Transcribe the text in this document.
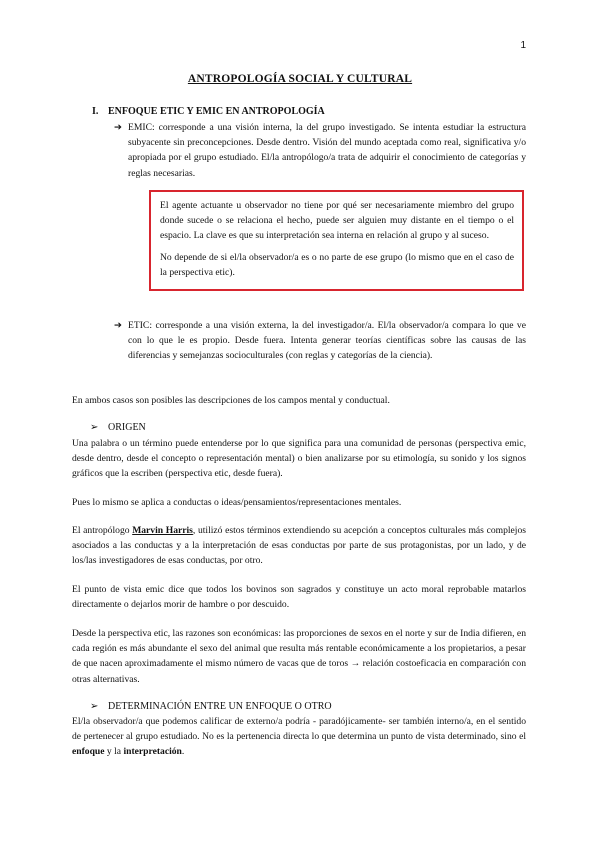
1
ANTROPOLOGÍA SOCIAL Y CULTURAL
I. ENFOQUE ETIC Y EMIC EN ANTROPOLOGÍA
➔ EMIC: corresponde a una visión interna, la del grupo investigado. Se intenta estudiar la estructura subyacente sin preconcepciones. Desde dentro. Visión del mundo aceptada como real, significativa y/o apropiada por el grupo estudiado. El/la antropólogo/a trata de adquirir el conocimiento de categorías y reglas necesarias.

El agente actuante u observador no tiene por qué ser necesariamente miembro del grupo donde sucede o se relaciona el hecho, puede ser alguien muy distante en el tiempo o el espacio. La clave es que su interpretación sea interna en relación al grupo y al suceso.

No depende de si el/la observador/a es o no parte de ese grupo (lo mismo que en el caso de la perspectiva etic).

➔ ETIC: corresponde a una visión externa, la del investigador/a. El/la observador/a compara lo que ve con lo que le es propio. Desde fuera. Intenta generar teorías científicas sobre las causas de las diferencias y semejanzas socioculturales (con reglas y categorías de la ciencia).
En ambos casos son posibles las descripciones de los campos mental y conductual.
➢ ORIGEN
Una palabra o un término puede entenderse por lo que significa para una comunidad de personas (perspectiva emic, desde dentro, desde el concepto o representación mental) o bien analizarse por su etimología, su sonido y los signos gráficos que la escriben (perspectiva etic, desde fuera).
Pues lo mismo se aplica a conductas o ideas/pensamientos/representaciones mentales.
El antropólogo Marvin Harris, utilizó estos términos extendiendo su acepción a conceptos culturales más complejos asociados a las conductas y a la interpretación de esas conductas por parte de sus protagonistas, por un lado, y de los/las investigadores de esas conductas, por otro.
El punto de vista emic dice que todos los bovinos son sagrados y constituye un acto moral reprobable matarlos directamente o dejarlos morir de hambre o por descuido.
Desde la perspectiva etic, las razones son económicas: las proporciones de sexos en el norte y sur de India difieren, en cada región es más abundante el sexo del animal que resulta más rentable económicamente a los propietarios, a pesar de que nacen aproximadamente el mismo número de vacas que de toros → relación costoeficacia en comparación con otras alternativas.
➢ DETERMINACIÓN ENTRE UN ENFOQUE O OTRO
El/la observador/a que podemos calificar de externo/a podría - paradójicamente- ser también interno/a, en el sentido de pertenecer al grupo estudiado. No es la pertenencia directa lo que determina un punto de vista determinado, sino el enfoque y la interpretación.
